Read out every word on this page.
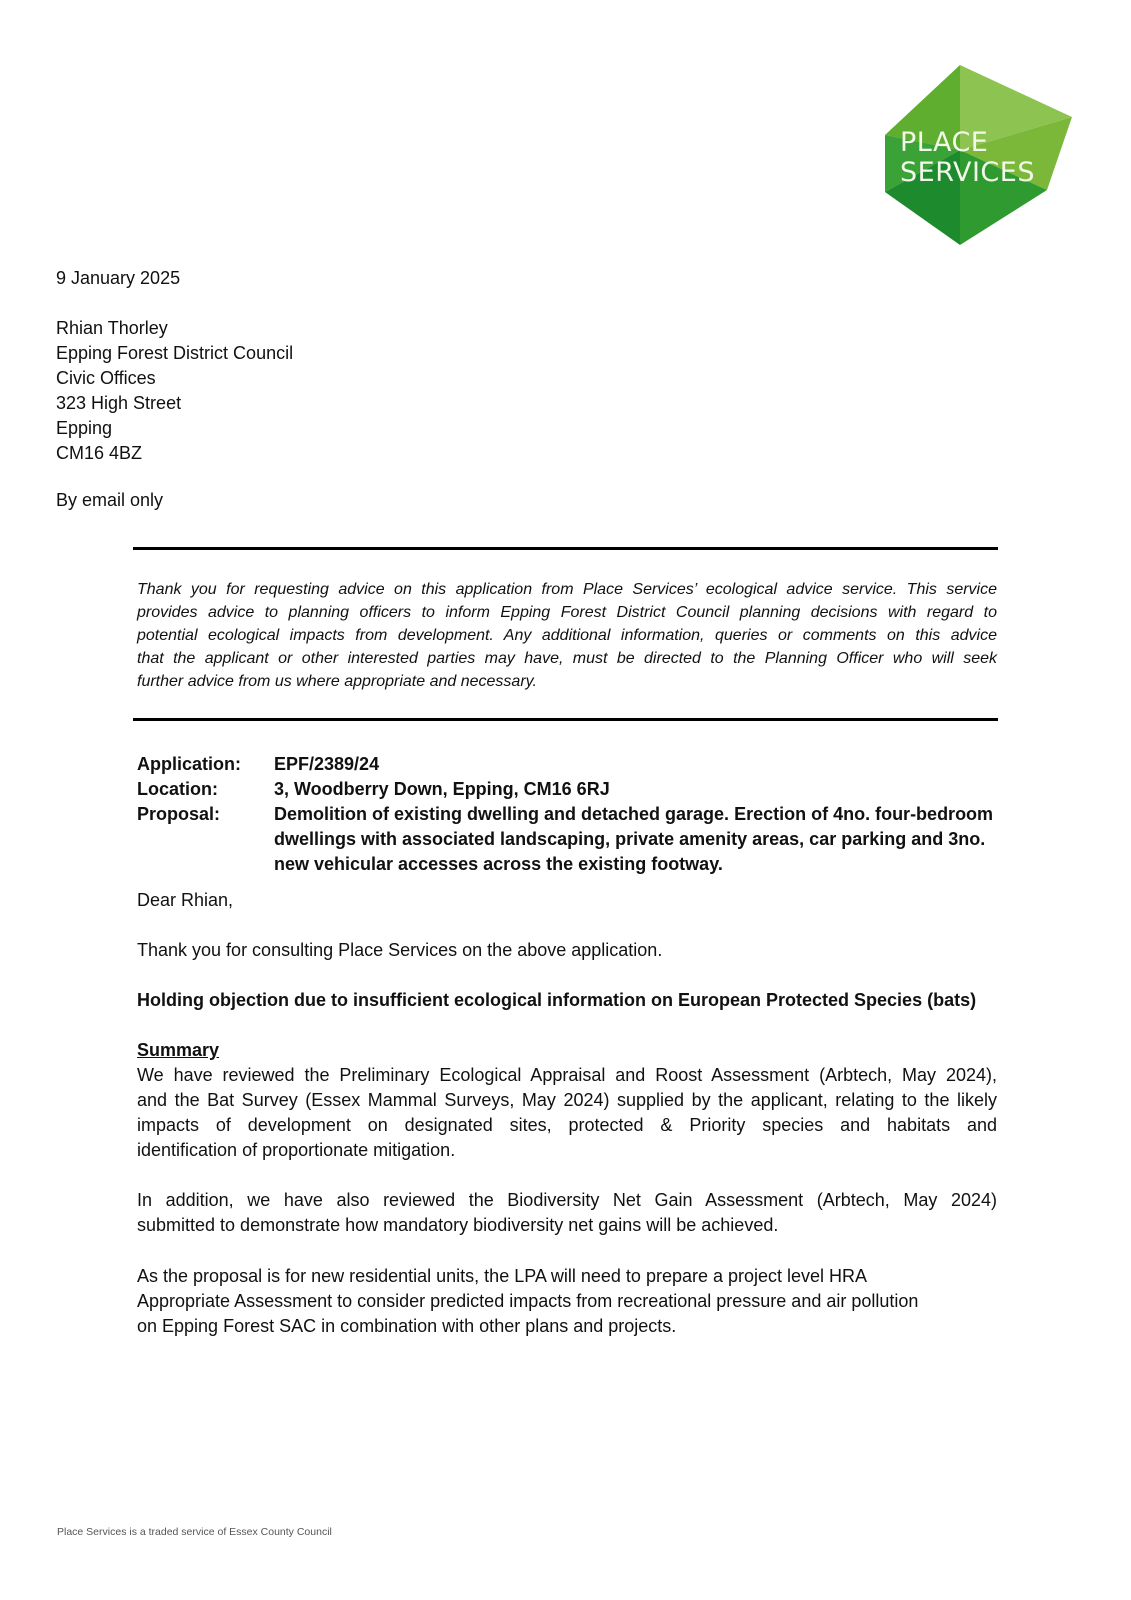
PLACE
SERVICES
9 January 2025
Rhian Thorley
Epping Forest District Council
Civic Offices
323 High Street
Epping
CM16 4BZ
By email only
Thank you for requesting advice on this application from Place Services’ ecological advice service. This service
provides advice to planning officers to inform Epping Forest District Council planning decisions with regard to
potential ecological impacts from development. Any additional information, queries or comments on this advice
that the applicant or other interested parties may have, must be directed to the Planning Officer who will seek
further advice from us where appropriate and necessary.
Application:	EPF/2389/24
Location:	3, Woodberry Down, Epping, CM16 6RJ
Proposal:	Demolition of existing dwelling and detached garage. Erection of 4no. four-bedroom
dwellings with associated landscaping, private amenity areas, car parking and 3no.
new vehicular accesses across the existing footway.
Dear Rhian,
Thank you for consulting Place Services on the above application.
Holding objection due to insufficient ecological information on European Protected Species (bats)
Summary
We have reviewed the Preliminary Ecological Appraisal and Roost Assessment (Arbtech, May 2024),
and the Bat Survey (Essex Mammal Surveys, May 2024) supplied by the applicant, relating to the likely
impacts of development on designated sites, protected & Priority species and habitats and
identification of proportionate mitigation.
In addition, we have also reviewed the Biodiversity Net Gain Assessment (Arbtech, May 2024)
submitted to demonstrate how mandatory biodiversity net gains will be achieved.
As the proposal is for new residential units, the LPA will need to prepare a project level HRA
Appropriate Assessment to consider predicted impacts from recreational pressure and air pollution
on Epping Forest SAC in combination with other plans and projects.
Place Services is a traded service of Essex County Council
